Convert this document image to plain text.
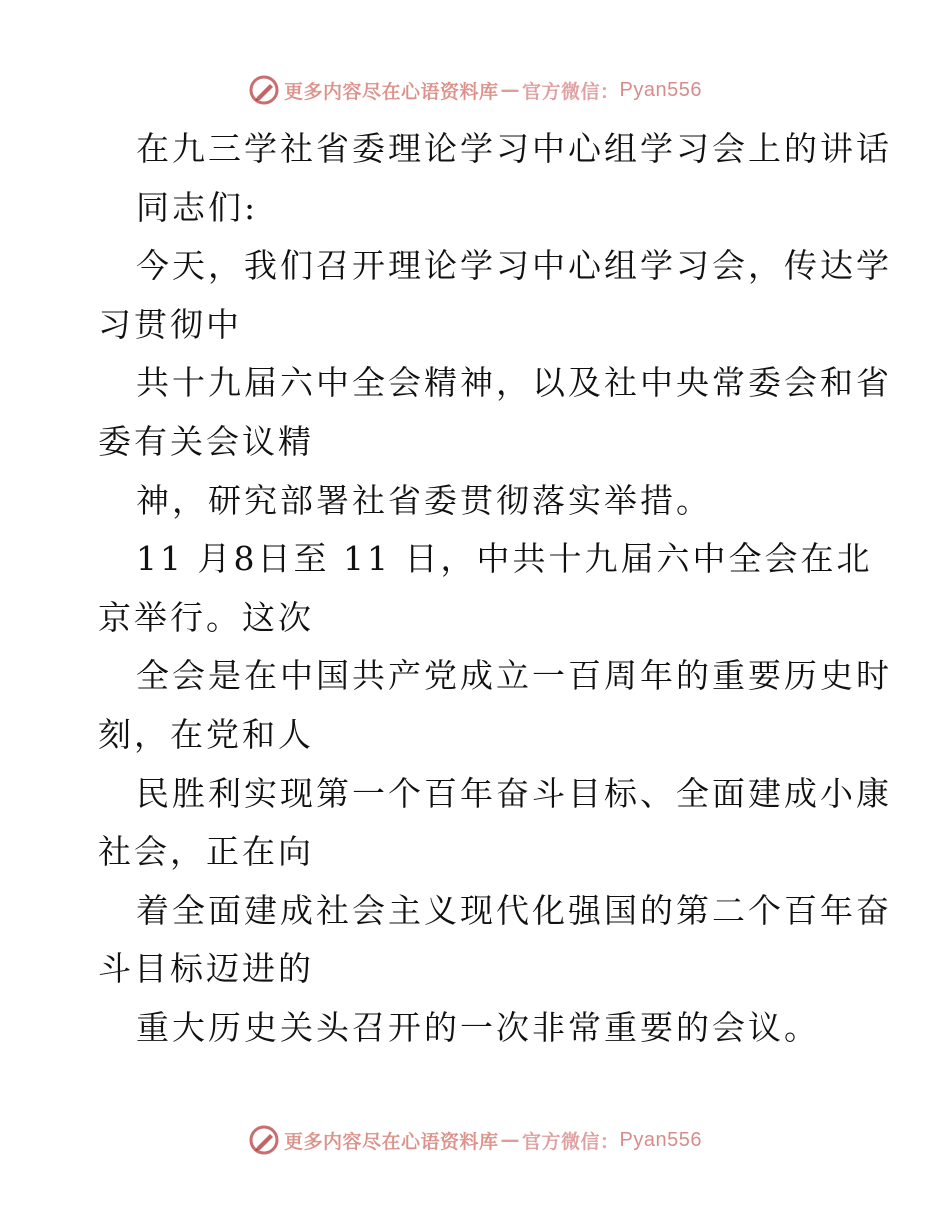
更多内容尽在心语资料库 — 官方微信： Pyan556
在九三学社省委理论学习中心组学习会上的讲话
同志们:
今天，我们召开理论学习中心组学习会，传达学
习贯彻中
共十九届六中全会精神，以及社中央常委会和省
委有关会议精
神，研究部署社省委贯彻落实举措。
11 月8日至 11 日，中共十九届六中全会在北
京举行。这次
全会是在中国共产党成立一百周年的重要历史时
刻，在党和人
民胜利实现第一个百年奋斗目标、全面建成小康
社会，正在向
着全面建成社会主义现代化强国的第二个百年奋
斗目标迈进的
重大历史关头召开的一次非常重要的会议。
更多内容尽在心语资料库 — 官方微信： Pyan556
